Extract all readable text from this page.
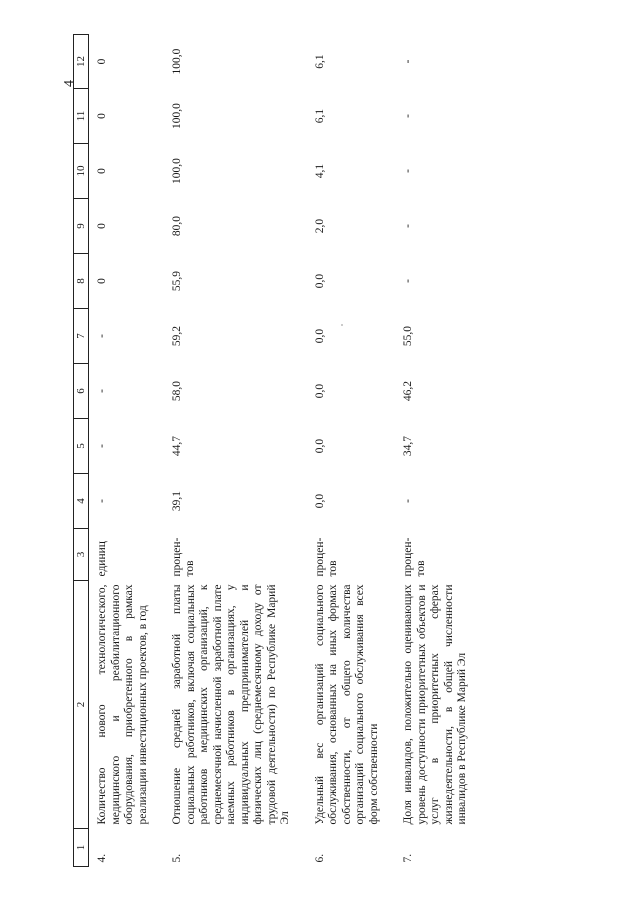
4
1	2	3	4	5	6	7	8	9	10	11	12
4.	Количество нового технологического, медицинского и реабилитационного оборудования, приобретенного в рамках реализации инвестиционных проектов, в год	единиц	-	-	-	-	0	0	0	0	0
5.	Отношение средней заработной платы социальных работников, включая социальных работников медицинских организаций, к среднемесячной начисленной заработной плате наемных работников в организациях, у индивидуальных предпринимателей и физических лиц (среднемесячному доходу от трудовой деятельности) по Республике Марий Эл	процен-
тов	39,1	44,7	58,0	59,2	55,9	80,0	100,0	100,0	100,0
6.	Удельный вес организаций социального обслуживания, основанных на иных формах собственности, от общего количества организаций социального обслуживания всех форм собственности	процен-
тов	0,0	0,0	0,0	0,0	0,0	2,0	4,1	6,1	6,1
7.	Доля инвалидов, положительно оценивающих уровень доступности приоритетных объектов и услуг в приоритетных сферах жизнедеятельности, в общей численности инвалидов в Республике Марий Эл	процен-
тов	-	34,7	46,2	55,0	-	-	-	-	-
